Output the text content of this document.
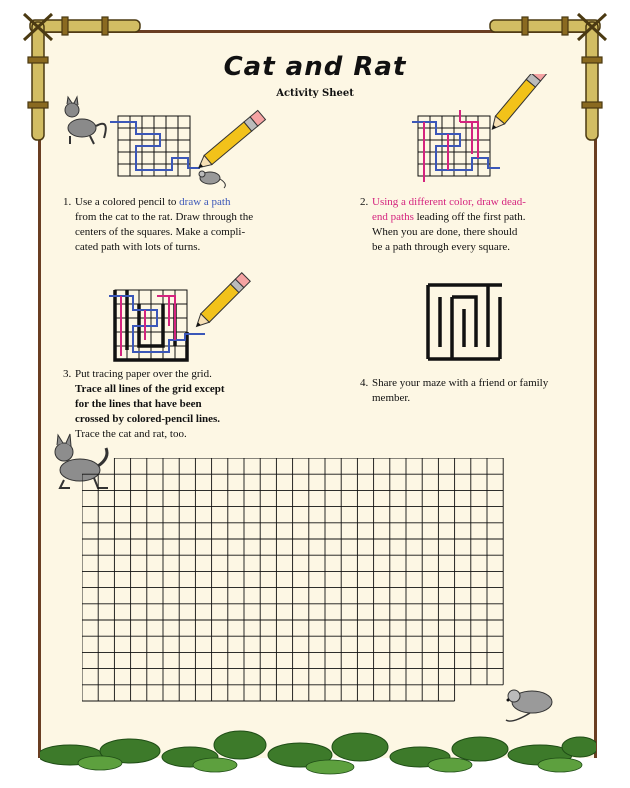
Cat and Rat
Activity Sheet
1. Use a colored pencil to draw a path
from the cat to the rat. Draw through the
centers of the squares. Make a compli-
cated path with lots of turns.
2. Using a different color, draw dead-
end paths leading off the first path.
When you are done, there should
be a path through every square.
3. Put tracing paper over the grid.
Trace all lines of the grid except
for the lines that have been
crossed by colored-pencil lines.
Trace the cat and rat, too.
4. Share your maze with a friend or family
member.
